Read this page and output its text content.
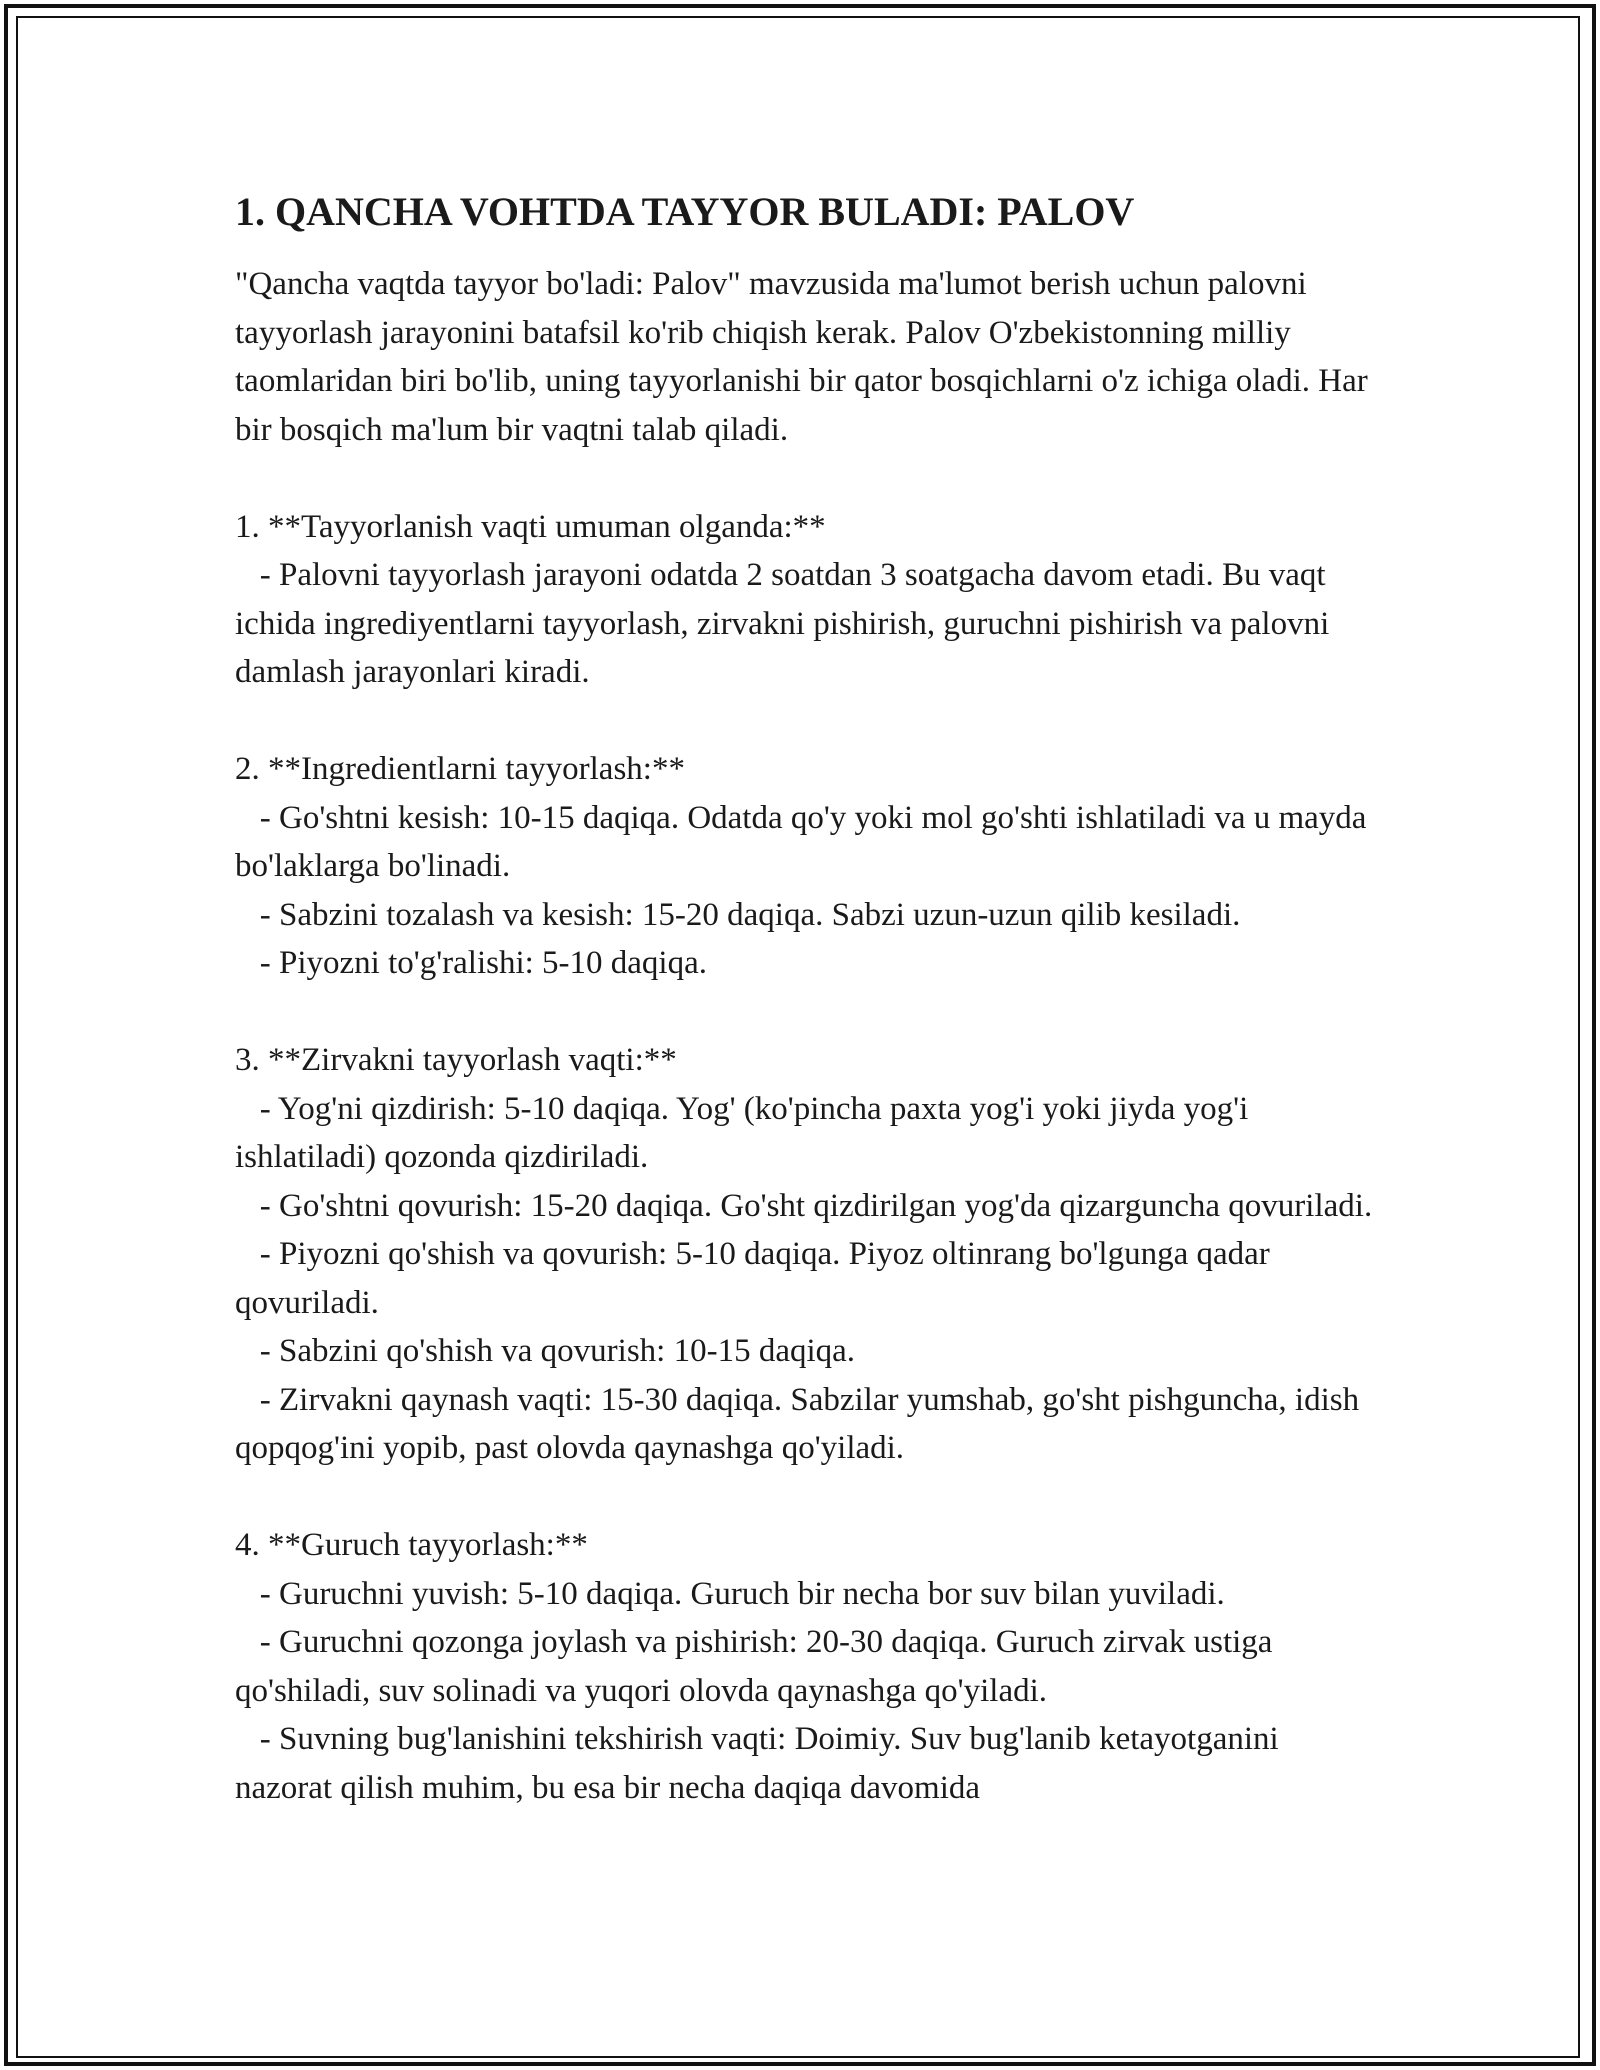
1. QANCHA VOHTDA TAYYOR BULADI: PALOV

"Qancha vaqtda tayyor bo'ladi: Palov" mavzusida ma'lumot berish uchun palovni tayyorlash jarayonini batafsil ko'rib chiqish kerak. Palov O'zbekistonning milliy taomlaridan biri bo'lib, uning tayyorlanishi bir qator bosqichlarni o'z ichiga oladi. Har bir bosqich ma'lum bir vaqtni talab qiladi.

1. **Tayyorlanish vaqti umuman olganda:**

- Palovni tayyorlash jarayoni odatda 2 soatdan 3 soatgacha davom etadi. Bu vaqt ichida ingrediyentlarni tayyorlash, zirvakni pishirish, guruchni pishirish va palovni damlash jarayonlari kiradi.

2. **Ingredientlarni tayyorlash:**

- Go'shtni kesish: 10-15 daqiqa. Odatda qo'y yoki mol go'shti ishlatiladi va u mayda bo'laklarga bo'linadi.

- Sabzini tozalash va kesish: 15-20 daqiqa. Sabzi uzun-uzun qilib kesiladi.

- Piyozni to'g'ralishi: 5-10 daqiqa.

3. **Zirvakni tayyorlash vaqti:**

- Yog'ni qizdirish: 5-10 daqiqa. Yog' (ko'pincha paxta yog'i yoki jiyda yog'i ishlatiladi) qozonda qizdiriladi.

- Go'shtni qovurish: 15-20 daqiqa. Go'sht qizdirilgan yog'da qizarguncha qovuriladi.

- Piyozni qo'shish va qovurish: 5-10 daqiqa. Piyoz oltinrang bo'lgunga qadar qovuriladi.

- Sabzini qo'shish va qovurish: 10-15 daqiqa.

- Zirvakni qaynash vaqti: 15-30 daqiqa. Sabzilar yumshab, go'sht pishguncha, idish qopqog'ini yopib, past olovda qaynashga qo'yiladi.

4. **Guruch tayyorlash:**

- Guruchni yuvish: 5-10 daqiqa. Guruch bir necha bor suv bilan yuviladi.

- Guruchni qozonga joylash va pishirish: 20-30 daqiqa. Guruch zirvak ustiga qo'shiladi, suv solinadi va yuqori olovda qaynashga qo'yiladi.

- Suvning bug'lanishini tekshirish vaqti: Doimiy. Suv bug'lanib ketayotganini nazorat qilish muhim, bu esa bir necha daqiqa davomida
